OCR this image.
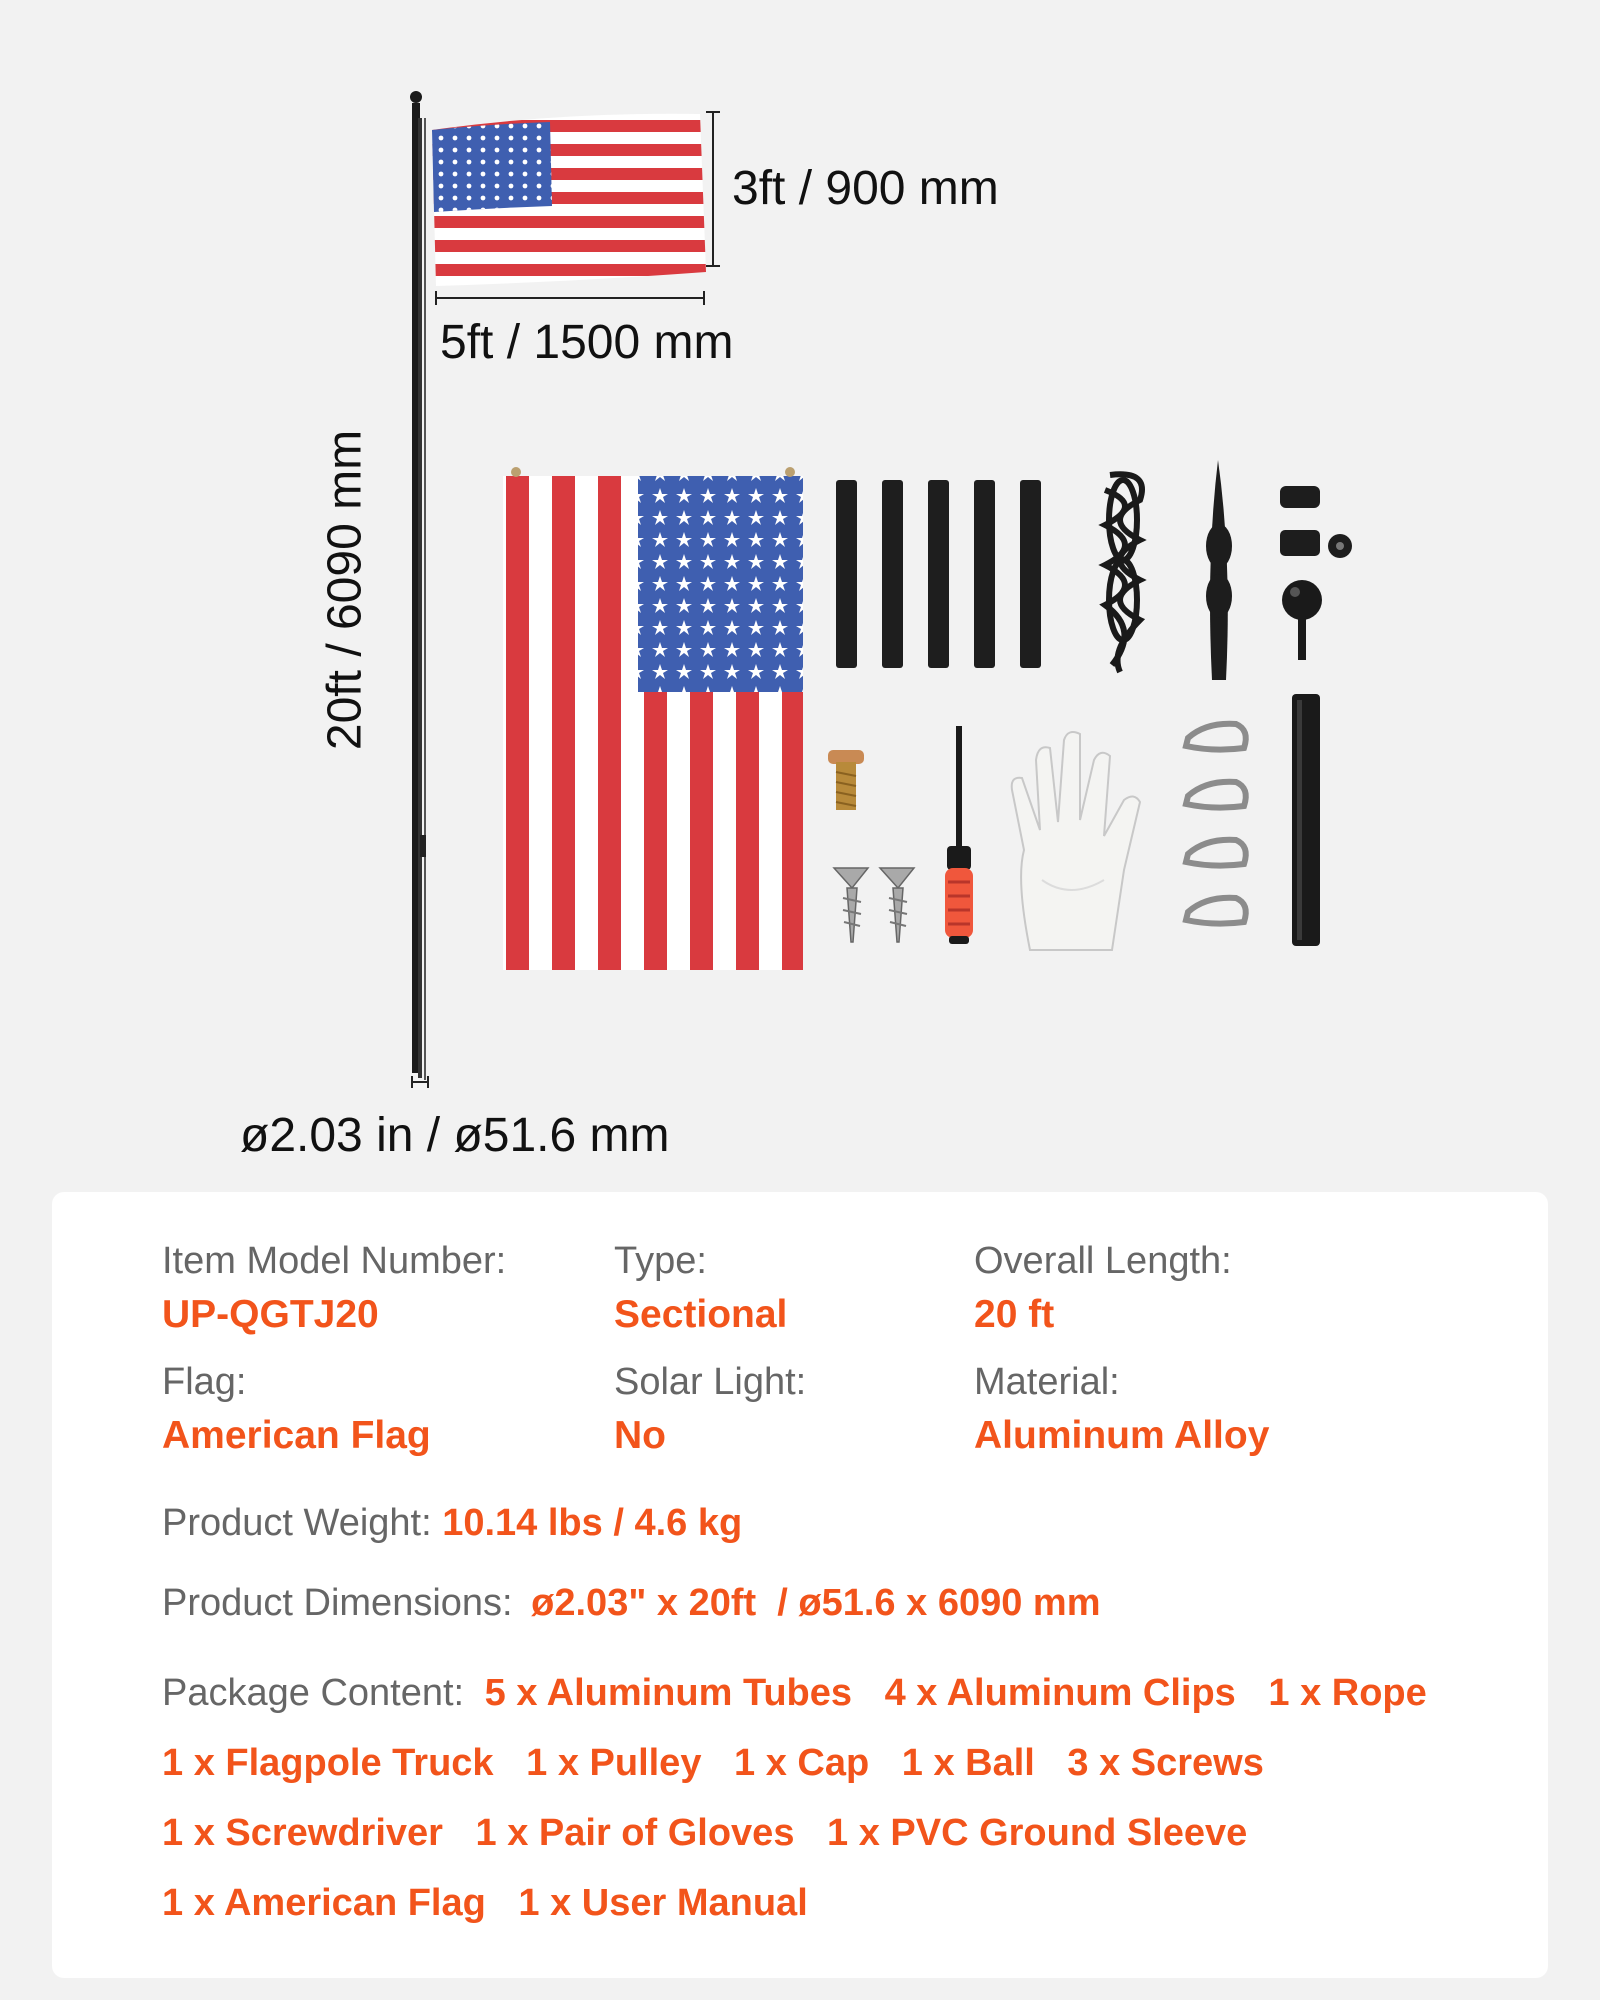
20ft / 6090 mm
5ft / 1500 mm
3ft / 900 mm
ø2.03 in / ø51.6 mm
Item Model Number:
UP-QGTJ20
Type:
Sectional
Overall Length:
20 ft
Flag:
American Flag
Solar Light:
No
Material:
Aluminum Alloy
Product Weight: 10.14 lbs / 4.6 kg
Product Dimensions: ø2.03" x 20ft  / ø51.6 x 6090 mm
Package Content: 5 x Aluminum Tubes 4 x Aluminum Clips 1 x Rope
1 x Flagpole Truck 1 x Pulley 1 x Cap 1 x Ball 3 x Screws
1 x Screwdriver 1 x Pair of Gloves 1 x PVC Ground Sleeve
1 x American Flag 1 x User Manual
